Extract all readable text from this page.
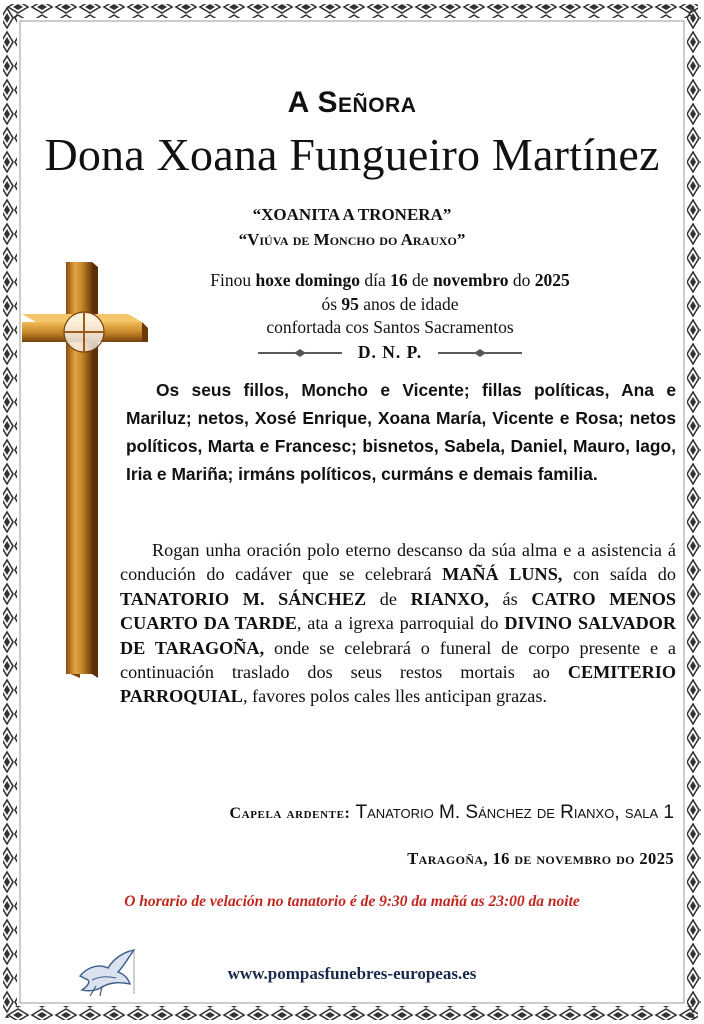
A Señora
Dona Xoana Fungueiro Martínez
“XOANITA A TRONERA”
“Viúva de Moncho do Arauxo”
Finou hoxe domingo día 16 de novembro do 2025
ós 95 anos de idade
confortada cos Santos Sacramentos
D. N. P.
Os seus fillos, Moncho e Vicente; fillas políticas, Ana e Mariluz; netos, Xosé Enrique, Xoana María, Vicente e Rosa; netos políticos, Marta e Francesc; bisnetos, Sabela, Daniel, Mauro, Iago, Iria e Mariña; irmáns políticos, curmáns e demais familia.
Rogan unha oración polo eterno descanso da súa alma e a asistencia á condución do cadáver que se celebrará MAÑÁ LUNS, con saída do TANATORIO M. SÁNCHEZ de RIANXO, ás CATRO MENOS CUARTO DA TARDE, ata a igrexa parroquial do DIVINO SALVADOR DE TARAGOÑA, onde se celebrará o funeral de corpo presente e a continuación traslado dos seus restos mortais ao CEMITERIO PARROQUIAL, favores polos cales lles anticipan grazas.
Capela ardente: Tanatorio M. Sánchez de Rianxo, sala 1
Taragoña, 16 de novembro do 2025
O horario de velación no tanatorio é de 9:30 da mañá as 23:00 da noite
www.pompasfunebres-europeas.es
